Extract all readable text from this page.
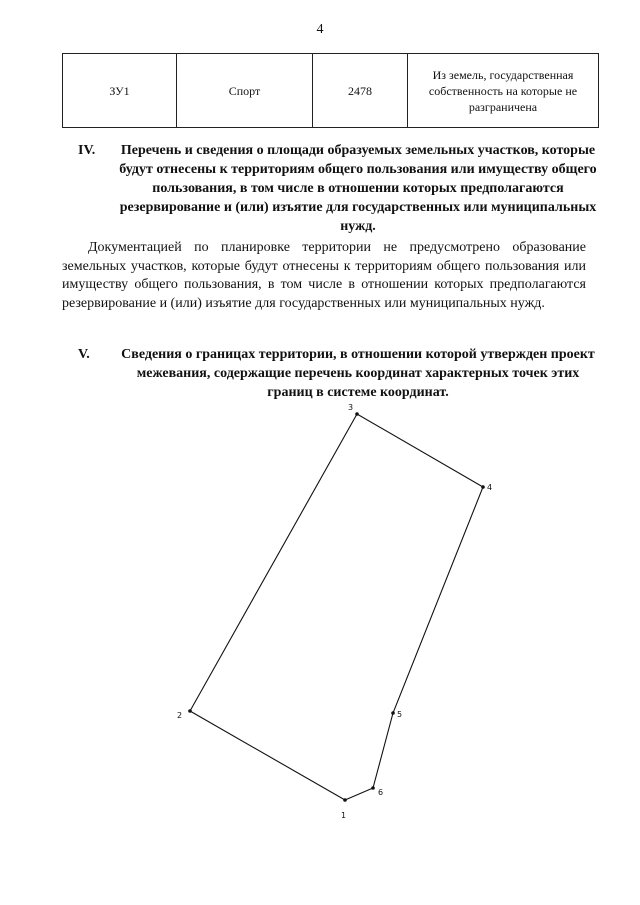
4
ЗУ1	Спорт	2478	Из земель, государственная собственность на которые не разграничена
IV. Перечень и сведения о площади образуемых земельных участков, которые будут отнесены к территориям общего пользования или имуществу общего пользования, в том числе в отношении которых предполагаются резервирование и (или) изъятие для государственных или муниципальных нужд.
Документацией по планировке территории не предусмотрено образование земельных участков, которые будут отнесены к территориям общего пользования или имуществу общего пользования, в том числе в отношении которых предполагаются резервирование и (или) изъятие для государственных или муниципальных нужд.
V. Сведения о границах территории, в отношении которой утвержден проект межевания, содержащие перечень координат характерных точек этих границ в системе координат.
1
2
3
4
5
6
